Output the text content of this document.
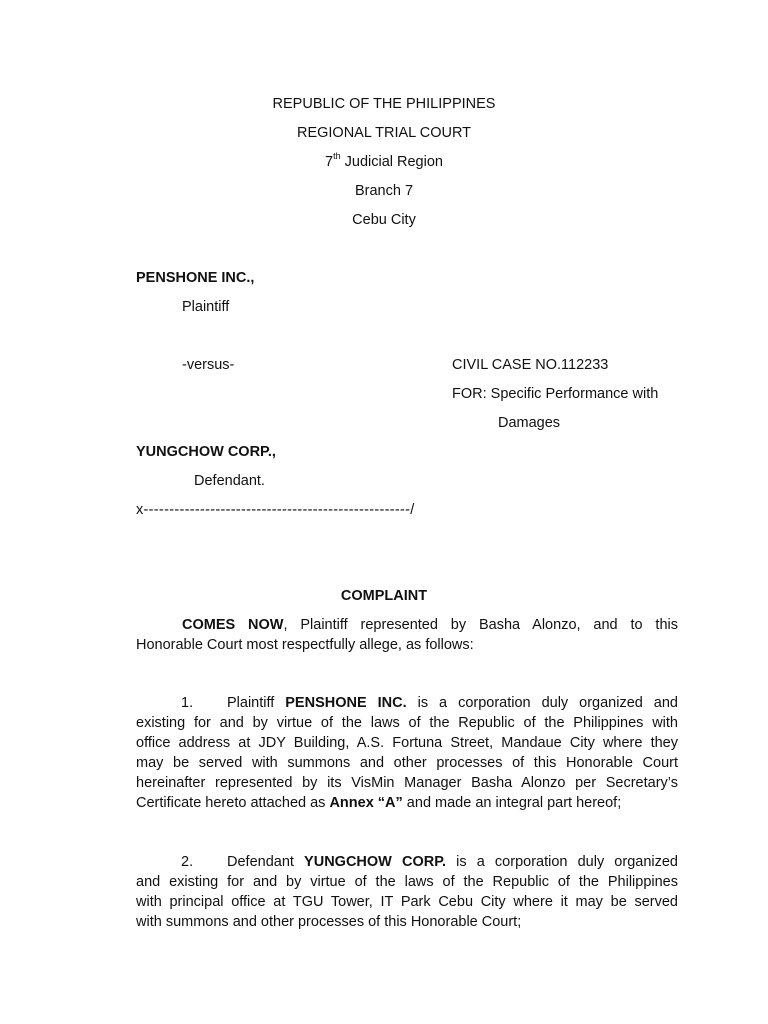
REPUBLIC OF THE PHILIPPINES
REGIONAL TRIAL COURT
7th Judicial Region
Branch 7
Cebu City
PENSHONE INC.,
Plaintiff
-versus-	CIVIL CASE NO.112233
FOR: Specific Performance with
Damages
YUNGCHOW CORP.,
Defendant.
x----------------------------------------------------/
COMPLAINT
COMES NOW, Plaintiff represented by Basha Alonzo, and to this
Honorable Court most respectfully allege, as follows:
1. Plaintiff PENSHONE INC. is a corporation duly organized and
existing for and by virtue of the laws of the Republic of the Philippines with
office address at JDY Building, A.S. Fortuna Street, Mandaue City where they
may be served with summons and other processes of this Honorable Court
hereinafter represented by its VisMin Manager Basha Alonzo per Secretary’s
Certificate hereto attached as Annex “A” and made an integral part hereof;
2. Defendant YUNGCHOW CORP. is a corporation duly organized
and existing for and by virtue of the laws of the Republic of the Philippines
with principal office at TGU Tower, IT Park Cebu City where it may be served
with summons and other processes of this Honorable Court;
